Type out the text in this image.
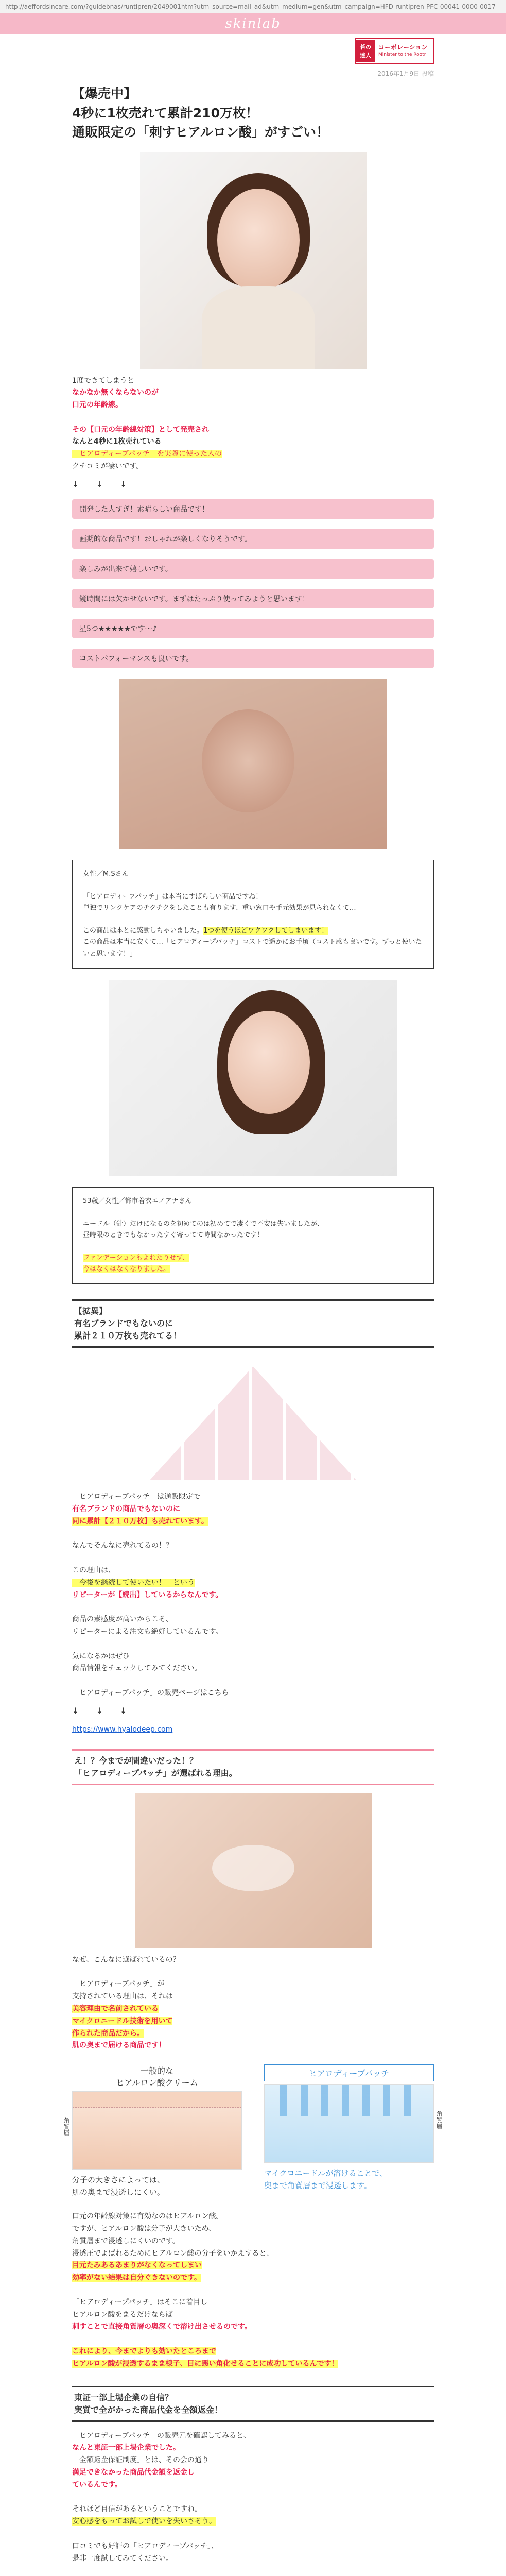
http://aeffordsincare.com/?guidebnas/runtipren/2049001htm?utm_source=mail_ad&utm_medium=gen&utm_campaign=HFD-runtipren-PFC-00041-0000-0017
skinlab
若の
達人
コーポレーション
Minister to the Rootr
2016年1月9日 投稿
【爆売中】
4秒に1枚売れて累計210万枚！
通販限定の「刺すヒアルロン酸」がすごい！
1度できてしまうと
なかなか無くならないのが
口元の年齢線。

その【口元の年齢線対策】として発売され
なんと4秒に1枚売れている
「ヒアロディープパッチ」を実際に使った人の
クチコミが凄いです。
↓ ↓ ↓
開発した人すぎ！素晴らしい商品です！
画期的な商品です！おしゃれが楽しくなりそうです。
楽しみが出来て嬉しいです。
鏡時間には欠かせないです。まずはたっぷり使ってみようと思います！
星5つ★★★★★です～♪
コストパフォーマンスも良いです。
女性／M.Sさん

「ヒアロディープパッチ」は本当にすばらしい商品ですね！
単独でリンクケアのチクチクをしたことも有ります、重い窓口や手元効果が見られなくて…

この商品は本とに感動しちゃいました。1つを使うほどワクワクしてしまいます！
この商品は本当に安くて…「ヒアロディープパッチ」コストで遥かにお手頃（コスト感も良いです。ずっと使いたいと思います！」
53歳／女性／都市着衣エノアナさん

ニードル（針）だけになるのを初めてのは初めてで凄くで不安は失いましたが、
昼時限のときでもなかったすぐ寄ってて時間なかったです！

ファンデーションもよれたりせず、
今はなくはなくなりました。
【拡異】
有名ブランドでもないのに
累計２１０万枚も売れてる！
「ヒアロディープパッチ」は通販限定で
有名ブランドの商品でもないのに
同に累計【２１０万枚】も売れています。

なんでそんなに売れてるの！？

この理由は、
「今後を継続して使いたい！」という
リピーターが【続出】しているからなんです。

商品の素感度が高いからこそ、
リピーターによる注文も絶好しているんです。

気になるかはぜひ
商品情報をチェックしてみてください。

「ヒアロディープパッチ」の販売ページはこちら
↓ ↓ ↓
https://www.hyalodeep.com
え！？今までが間違いだった！？
「ヒアロディープパッチ」が選ばれる理由。
なぜ、こんなに選ばれているの？

「ヒアロディープパッチ」が
支持されている理由は、それは
美容理由で名前されている
マイクロニードル技術を用いて
作られた商品だから。
肌の奥まで届ける商品です！
一般的な
ヒアルロン酸クリーム
角質層
分子の大きさによっては、
肌の奥まで浸透しにくい。
ヒアロディープパッチ
角質層
マイクロニードルが溶けることで、
奥まで角質層まで浸透します。
口元の年齢線対策に有効なのはヒアルロン酸。
ですが、ヒアルロン酸は分子が大きいため、
角質層まで浸透しにくいのです。
浸透圧でよばれるためにヒアルロン酸の分子をいかえすると、
目元たみあるあまりがなくなってしまい
効率がない結果は自分ぐきないのです。

「ヒアロディープパッチ」はそこに着目し
ヒアルロン酸をまるだけならば
刺すことで直接角質層の奥深くで溶け出させるのです。

これにより、今までよりも効いたところまで
ヒアルロン酸が浸透するまま様子、目に悪い角化せることに成功しているんです！
東証一部上場企業の自信？
実質で全がかった商品代金を全額返金！
「ヒアロディープパッチ」の販売元を確認してみると、
なんと東証一部上場企業でした。
「全額返金保証制度」とは、その会の通り
満足できなかった商品代金額を返金し
ているんです。

それほど自信があるということですね。
安心感をもってお試しで使いを失いさそう。

口コミでも好評の「ヒアロディープパッチ」、
是非一度試してみてください。
